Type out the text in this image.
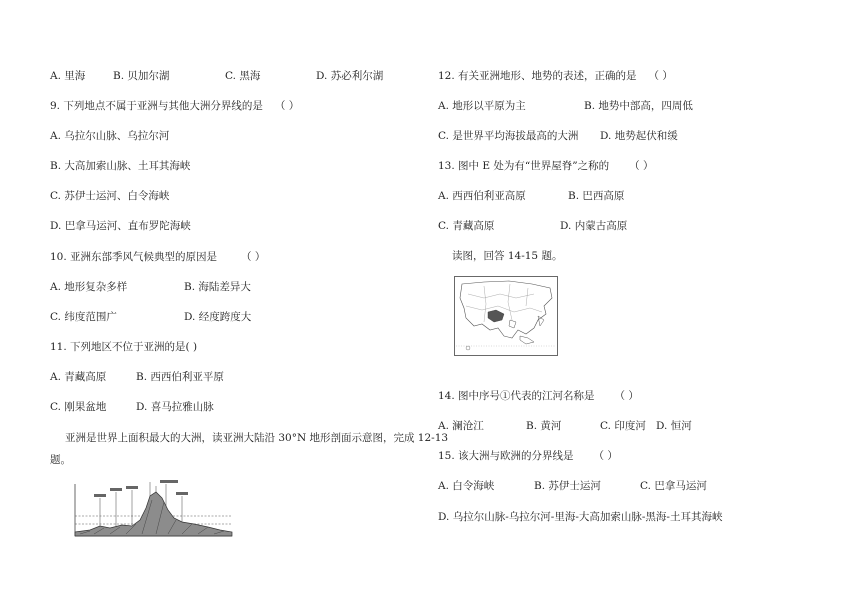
A. 里海	B. 贝加尔湖	C. 黑海	D. 苏必利尔湖
9. 下列地点不属于亚洲与其他大洲分界线的是 （ ）
A. 乌拉尔山脉、乌拉尔河
B. 大高加索山脉、土耳其海峡
C. 苏伊士运河、白令海峡
D. 巴拿马运河、直布罗陀海峡
10. 亚洲东部季风气候典型的原因是 （ ）
A. 地形复杂多样	B. 海陆差异大
C. 纬度范围广	D. 经度跨度大
11. 下列地区不位于亚洲的是( )
A. 青藏高原	B. 西西伯利亚平原
C. 刚果盆地	D. 喜马拉雅山脉
亚洲是世界上面积最大的大洲，读亚洲大陆沿 30°N 地形剖面示意图，完成 12-13
题。
12. 有关亚洲地形、地势的表述，正确的是 （ ）
A. 地形以平原为主	B. 地势中部高，四周低
C. 是世界平均海拔最高的大洲 D. 地势起伏和缓
13. 图中 E 处为有“世界屋脊”之称的 （ ）
A. 西西伯利亚高原	B. 巴西高原
C. 青藏高原	D. 内蒙古高原
读图，回答 14-15 题。
14. 图中序号①代表的江河名称是 （ ）
A. 澜沧江	B. 黄河	C. 印度河 D. 恒河
15. 该大洲与欧洲的分界线是 （ ）
A. 白令海峡	B. 苏伊士运河	C. 巴拿马运河
D. 乌拉尔山脉-乌拉尔河-里海-大高加索山脉-黑海-土耳其海峡
